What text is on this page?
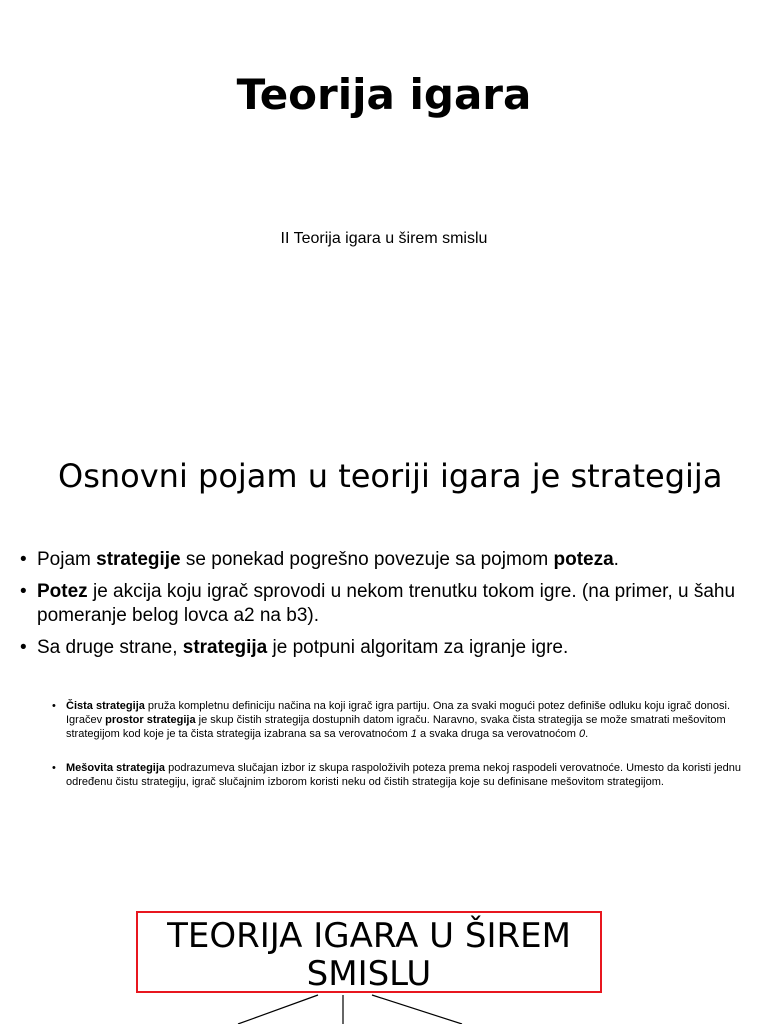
Teorija igara

II Teorija igara u širem smislu

Osnovni pojam u teoriji igara je strategija
• Pojam strategije se ponekad pogrešno povezuje sa pojmom poteza.
• Potez je akcija koju igrač sprovodi u nekom trenutku tokom igre. (na primer, u šahu pomeranje belog lovca a2 na b3).
• Sa druge strane, strategija je potpuni algoritam za igranje igre.
• Čista strategija pruža kompletnu definiciju načina na koji igrač igra partiju. Ona za svaki mogući potez definiše odluku koju igrač donosi. Igračev prostor strategija je skup čistih strategija dostupnih datom igraču. Naravno, svaka čista strategija se može smatrati mešovitom strategijom kod koje je ta čista strategija izabrana sa sa verovatnoćom 1 a svaka druga sa verovatnoćom 0.
• Mešovita strategija podrazumeva slučajan izbor iz skupa raspoloživih poteza prema nekoj raspodeli verovatnoće. Umesto da koristi jednu određenu čistu strategiju, igrač slučajnim izborom koristi neku od čistih strategija koje su definisane mešovitom strategijom.
TEORIJA IGARA U ŠIREM SMISLU
